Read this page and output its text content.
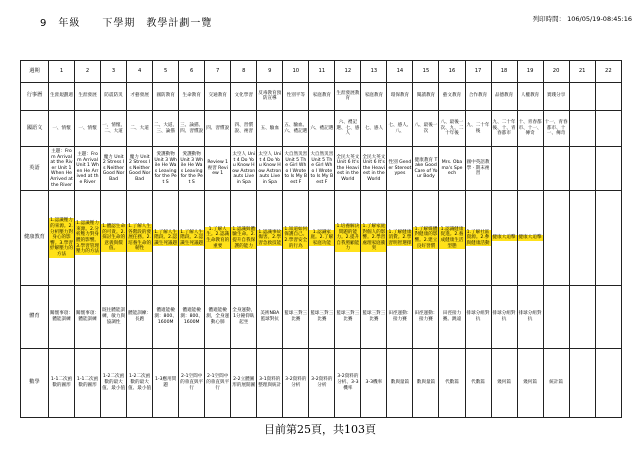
9　年級　　下學期　教學計劃一覽	列印時間： 106/05/19-08:45:16
週期	1	2	3	4	5	6	7	8	9	10	11	12	13	14	15	16	17	18	19	20	21	22
行事曆	生涯規劃週	生涯發展	防震防災	才藝發展	國防教育	生命教育	交通教育	文化學習	反毒教育預防宣導	性別平等	家庭教育	生涯發展教育	家庭教育	環保教育	閱讀教育	藝文教育	合作教育	品德教育	人權教育	實踐分享		

國語文	一、情懷	一、情懷	一、情懷、二、大道	二、大道	二、大道、三、論描	三、論描、四、習慣說	四、習慣說	四、習慣說、複習	五、驗血	五、驗血、六、禮記選	六、禮記選	六、禮記選、七、感人	七、感人	七、感人、八、	八、最後一次	八、最後一次、九、二十年後	九、二十年後	九、二十年後、十、青春都市	十、青春都市、十一、傳奇	十一、青春都市、十一、傳奇		

英語	主題：From Arrival at the River Unit 1 When He Arrived at the River	主題：From Arrival Unit 1 When He Arrived at the River	魔力 Unit 2 Stress Is Neither Good Nor Bad	魔力 Unit 2 Stress Is Neither Good Nor Bad	愛護動物 Unit 3 While He Was Leaving for the Pet S	愛護動物 Unit 3 While He Was Leaving for the Pet S	Review 1 複習 Review 1	太空人 Unit 4 Do You Know How Astronauts Live in Spa	太空人 Unit 4 Do You Know How Astronauts Live in Spa	大自然災害 Unit 5 The Girl Who I Wrote to Is My Best F	大自然災害 Unit 5 The Girl Who I Wrote to Is My Best F	全民大英文 Unit 6 It's the Heaviest in the World	全民大英文 Unit 6 It's the Heaviest in the World	性別 Gender Stereotypes	健康教育 Take Good Care of Your Body	Mrs. Obama's Speech	國中英語教學 · 期末複習					

健康教育	1.認識壓力的來源。2.分析壓力對身心的影響。3.學習紓解壓力的方法	1.認識壓力來源。2.分析壓力對身體的影響。3.學習管理壓力的方法	1.體認生命的可貴。2.探討生命的意義與價值。	1.了解人生各階段的發展任務。2.培養生命的韌性	1.了解人生階段。2.認識生死議題	1.了解人生階段。2.認識生死議題	1.了解人生。2.認識生命教育的重要	1.認識與體驗生命。2.提升自我保護的能力	1.認識事故傷害。2.學習急救技能	1.知道如何保護自己。2.學習安全的行為	1.認識家庭。2.了解家庭功能	1.培養解決問題的能力。2.提升自我照顧能力	1.了解家庭對個人的影響。2.學習處理家庭衝突	1.了解健康消費。2.學習明智選擇	1.了解媒體對健康的影響。2.建立良好習慣	1.認識健康促進。2.養成健康生活型態	1.了解社區資源。2.參與健康活動	健康大追擊	健康大追擊			

體育	關懷事項：體能訓練	關懷事項：體能訓練	既往體能訓練，敏力與協調性	體能訓練：長跑	體適能檢測：800、1600M	體適能檢測：800、1600M	體適能檢測，全身運動心肺	全身運動，1分鐘仰臥起坐	美術NBA籃球對抗	籃球三對三比賽	籃球三對三比賽	籃球三對三比賽	籃球三對三比賽	田徑運動：接力賽	田徑運動：接力賽	田徑接力賽。跳遠	排球分組對抗	排球分組對抗	排球分組對抗			

數學	1-1二次函數的圖形	1-1二次函數的圖形	1-2二次函數的最大值、最小值	1-2二次函數的最大值、最小值	1-3應用問題	2-1空間中的垂直與平行	2-1空間中的垂直與平行	2-2立體圖形的展開圖	3-1資料的整理與統計	3-2資料的分析	3-2資料的分析	3-2資料的分析、3-3機率	3-3機率	數與量篇	數與量篇	代數篇	代數篇	幾何篇	幾何篇	統計篇		

目前第25頁，共103頁
